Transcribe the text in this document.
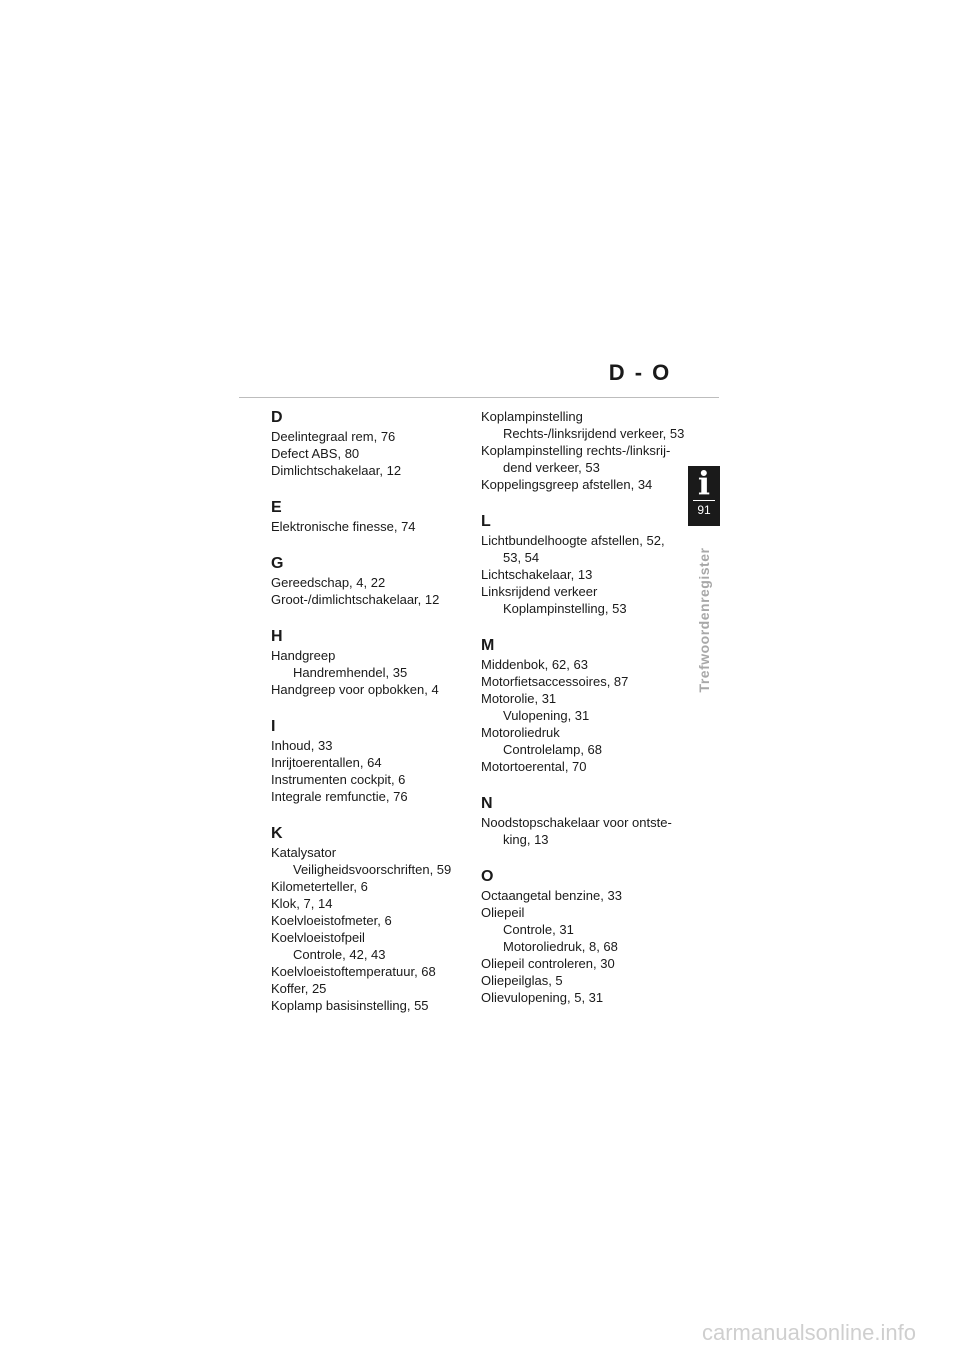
D - O
D
Deelintegraal rem, 76
Defect ABS, 80
Dimlichtschakelaar, 12
E
Elektronische finesse, 74
G
Gereedschap, 4, 22
Groot-/dimlichtschakelaar, 12
H
Handgreep
Handremhendel, 35
Handgreep voor opbokken, 4
I
Inhoud, 33
Inrijtoerentallen, 64
Instrumenten cockpit, 6
Integrale remfunctie, 76
K
Katalysator
Veiligheidsvoorschriften, 59
Kilometerteller, 6
Klok, 7, 14
Koelvloeistofmeter, 6
Koelvloeistofpeil
Controle, 42, 43
Koelvloeistoftemperatuur, 68
Koffer, 25
Koplamp basisinstelling, 55
Koplampinstelling
Rechts-/linksrijdend verkeer, 53
Koplampinstelling rechts-/linksrij-
dend verkeer, 53
Koppelingsgreep afstellen, 34
L
Lichtbundelhoogte afstellen, 52,
53, 54
Lichtschakelaar, 13
Linksrijdend verkeer
Koplampinstelling, 53
M
Middenbok, 62, 63
Motorfietsaccessoires, 87
Motorolie, 31
Vulopening, 31
Motoroliedruk
Controlelamp, 68
Motortoerental, 70
N
Noodstopschakelaar voor ontste-
king, 13
O
Octaangetal benzine, 33
Oliepeil
Controle, 31
Motoroliedruk, 8, 68
Oliepeil controleren, 30
Oliepeilglas, 5
Olievulopening, 5, 31
i
91
Trefwoordenregister
carmanualsonline.info
